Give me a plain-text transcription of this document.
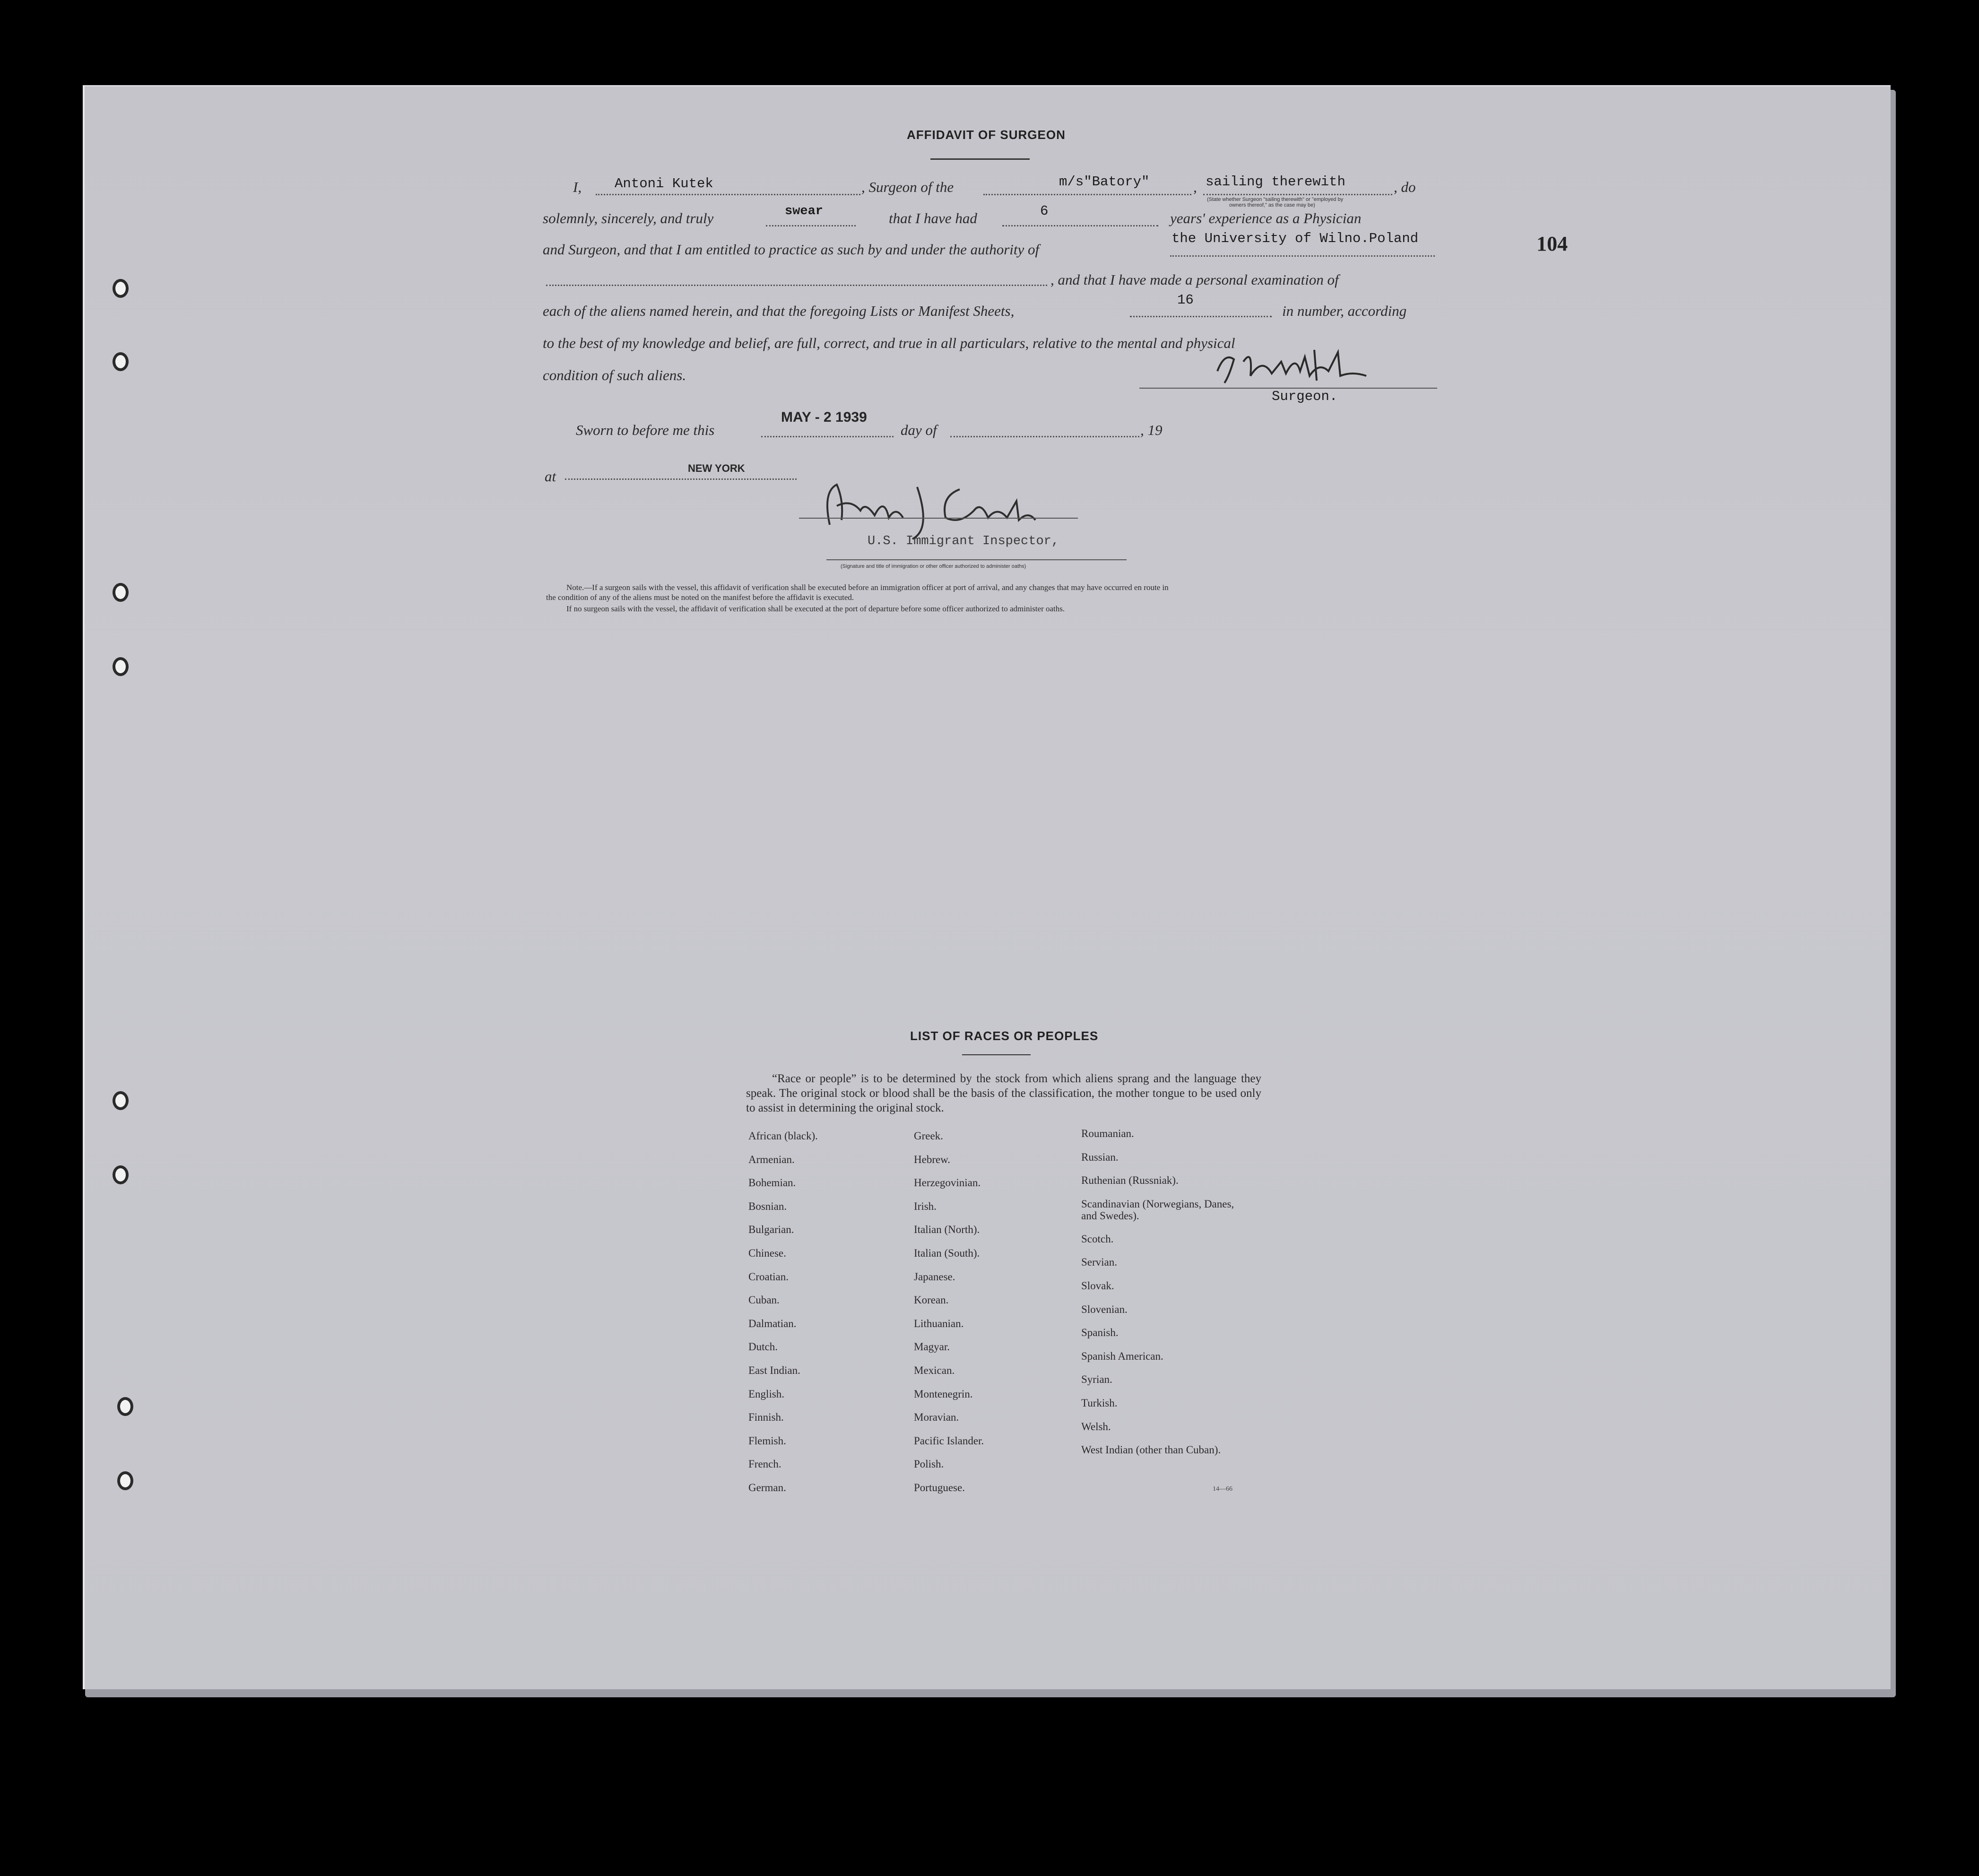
104
AFFIDAVIT OF SURGEON
I, Antoni Kutek	, Surgeon of the	m/s"Batory"	, sailing therewith	, do
(State whether Surgeon "sailing therewith" or "employed by
owners thereof," as the case may be)
solemnly, sincerely, and truly	swear	that I have had	6	years' experience as a Physician
and Surgeon, and that I am entitled to practice as such by and under the authority of
the University of Wilno.Poland
, and that I have made a personal examination of
each of the aliens named herein, and that the foregoing Lists or Manifest Sheets,
16
in number, according
to the best of my knowledge and belief, are full, correct, and true in all particulars, relative to the mental and physical
condition of such aliens.
Surgeon.
Sworn to before me this
MAY - 2 1939
day of	, 19
at	NEW YORK
U.S. Immigrant Inspector,
(Signature and title of immigration or other officer authorized to administer oaths)
Note.—If a surgeon sails with the vessel, this affidavit of verification shall be executed before an immigration officer at port of arrival, and any changes that may have occurred en route in
the condition of any of the aliens must be noted on the manifest before the affidavit is executed.
If no surgeon sails with the vessel, the affidavit of verification shall be executed at the port of departure before some officer authorized to administer oaths.
LIST OF RACES OR PEOPLES
“Race or people” is to be determined by the stock from which aliens sprang and the language they speak. The original stock or blood shall be the basis of the classification, the mother tongue to be used only to assist in determining the original stock.
African (black).
Armenian.
Bohemian.
Bosnian.
Bulgarian.
Chinese.
Croatian.
Cuban.
Dalmatian.
Dutch.
East Indian.
English.
Finnish.
Flemish.
French.
German.
Greek.
Hebrew.
Herzegovinian.
Irish.
Italian (North).
Italian (South).
Japanese.
Korean.
Lithuanian.
Magyar.
Mexican.
Montenegrin.
Moravian.
Pacific Islander.
Polish.
Portuguese.
Roumanian.
Russian.
Ruthenian (Russniak).
Scandinavian (Norwegians, Danes, and Swedes).
Scotch.
Servian.
Slovak.
Slovenian.
Spanish.
Spanish American.
Syrian.
Turkish.
Welsh.
West Indian (other than Cuban).
14—66
